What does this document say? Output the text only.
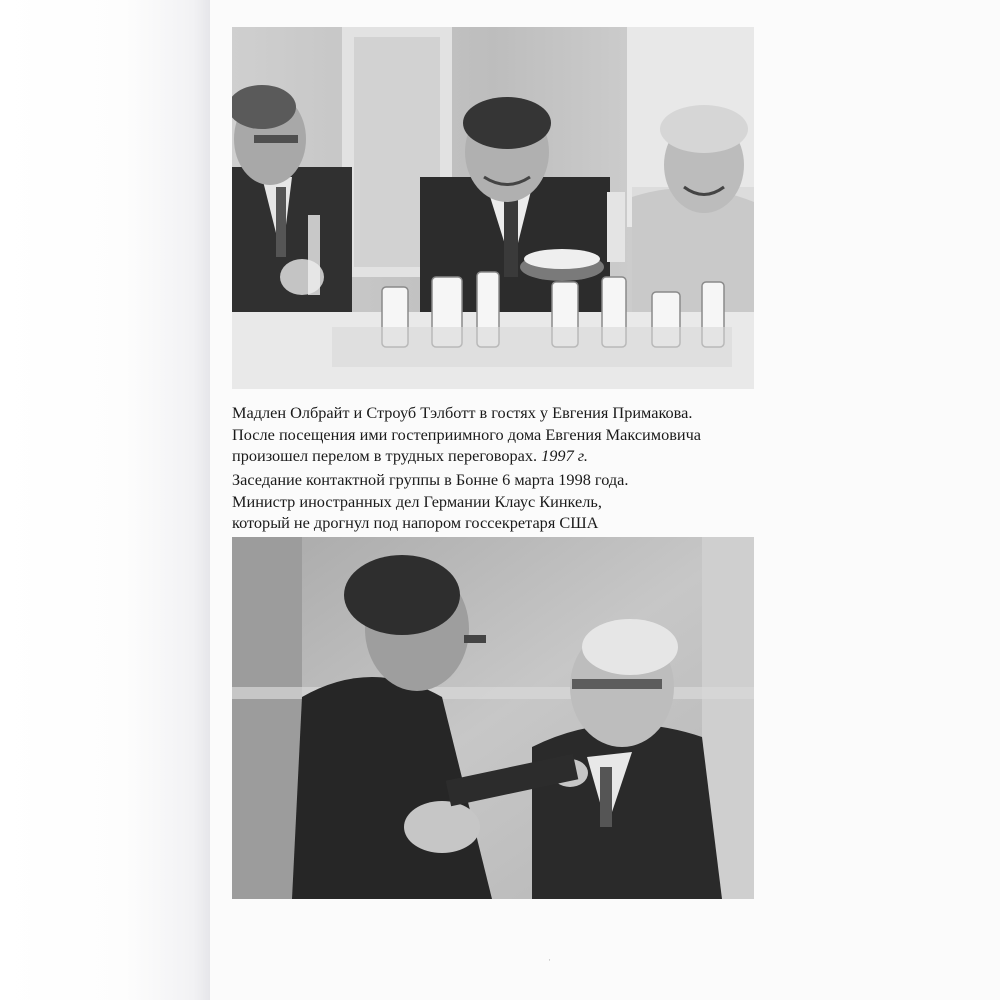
Мадлен Олбрайт и Строуб Тэлботт в гостях у Евгения Примакова.
После посещения ими гостеприимного дома Евгения Максимовича
произошел перелом в трудных переговорах. 1997 г.
Заседание контактной группы в Бонне 6 марта 1998 года.
Министр иностранных дел Германии Клаус Кинкель,
который не дрогнул под напором госсекретаря США
·
